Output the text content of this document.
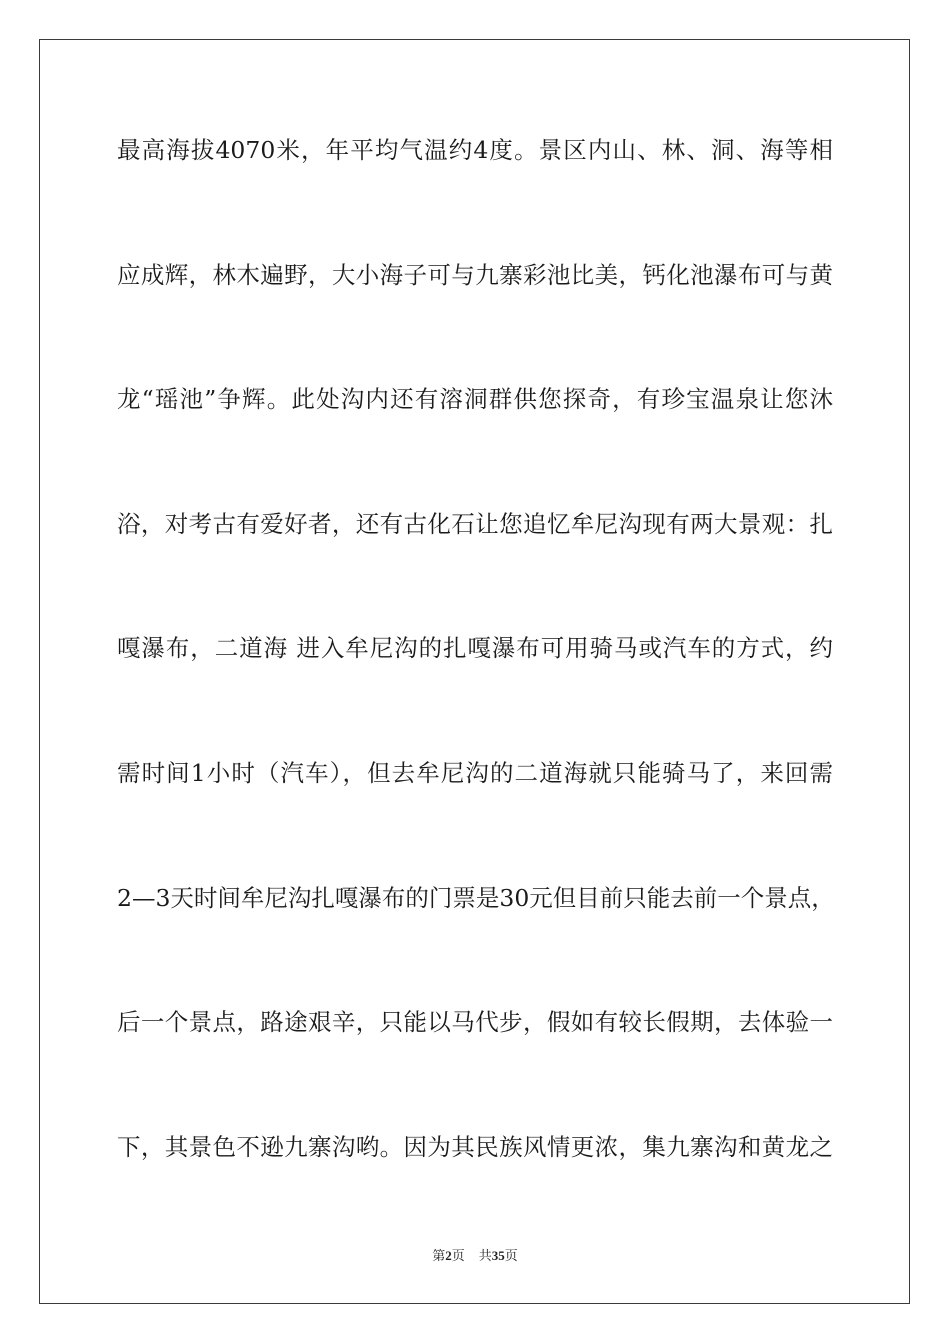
最高海拔4070米，年平均气温约4度。景区内山、林、洞、海等相
应成辉，林木遍野，大小海子可与九寨彩池比美，钙化池瀑布可与黄
龙“瑶池”争辉。此处沟内还有溶洞群供您探奇，有珍宝温泉让您沐
浴，对考古有爱好者，还有古化石让您追忆牟尼沟现有两大景观：扎
嘎瀑布，二道海 进入牟尼沟的扎嘎瀑布可用骑马或汽车的方式，约
需时间1小时（汽车），但去牟尼沟的二道海就只能骑马了，来回需
2—3天时间牟尼沟扎嘎瀑布的门票是30元但目前只能去前一个景点，
后一个景点，路途艰辛，只能以马代步，假如有较长假期，去体验一
下，其景色不逊九寨沟哟。因为其民族风情更浓，集九寨沟和黄龙之
第2页 共35页
